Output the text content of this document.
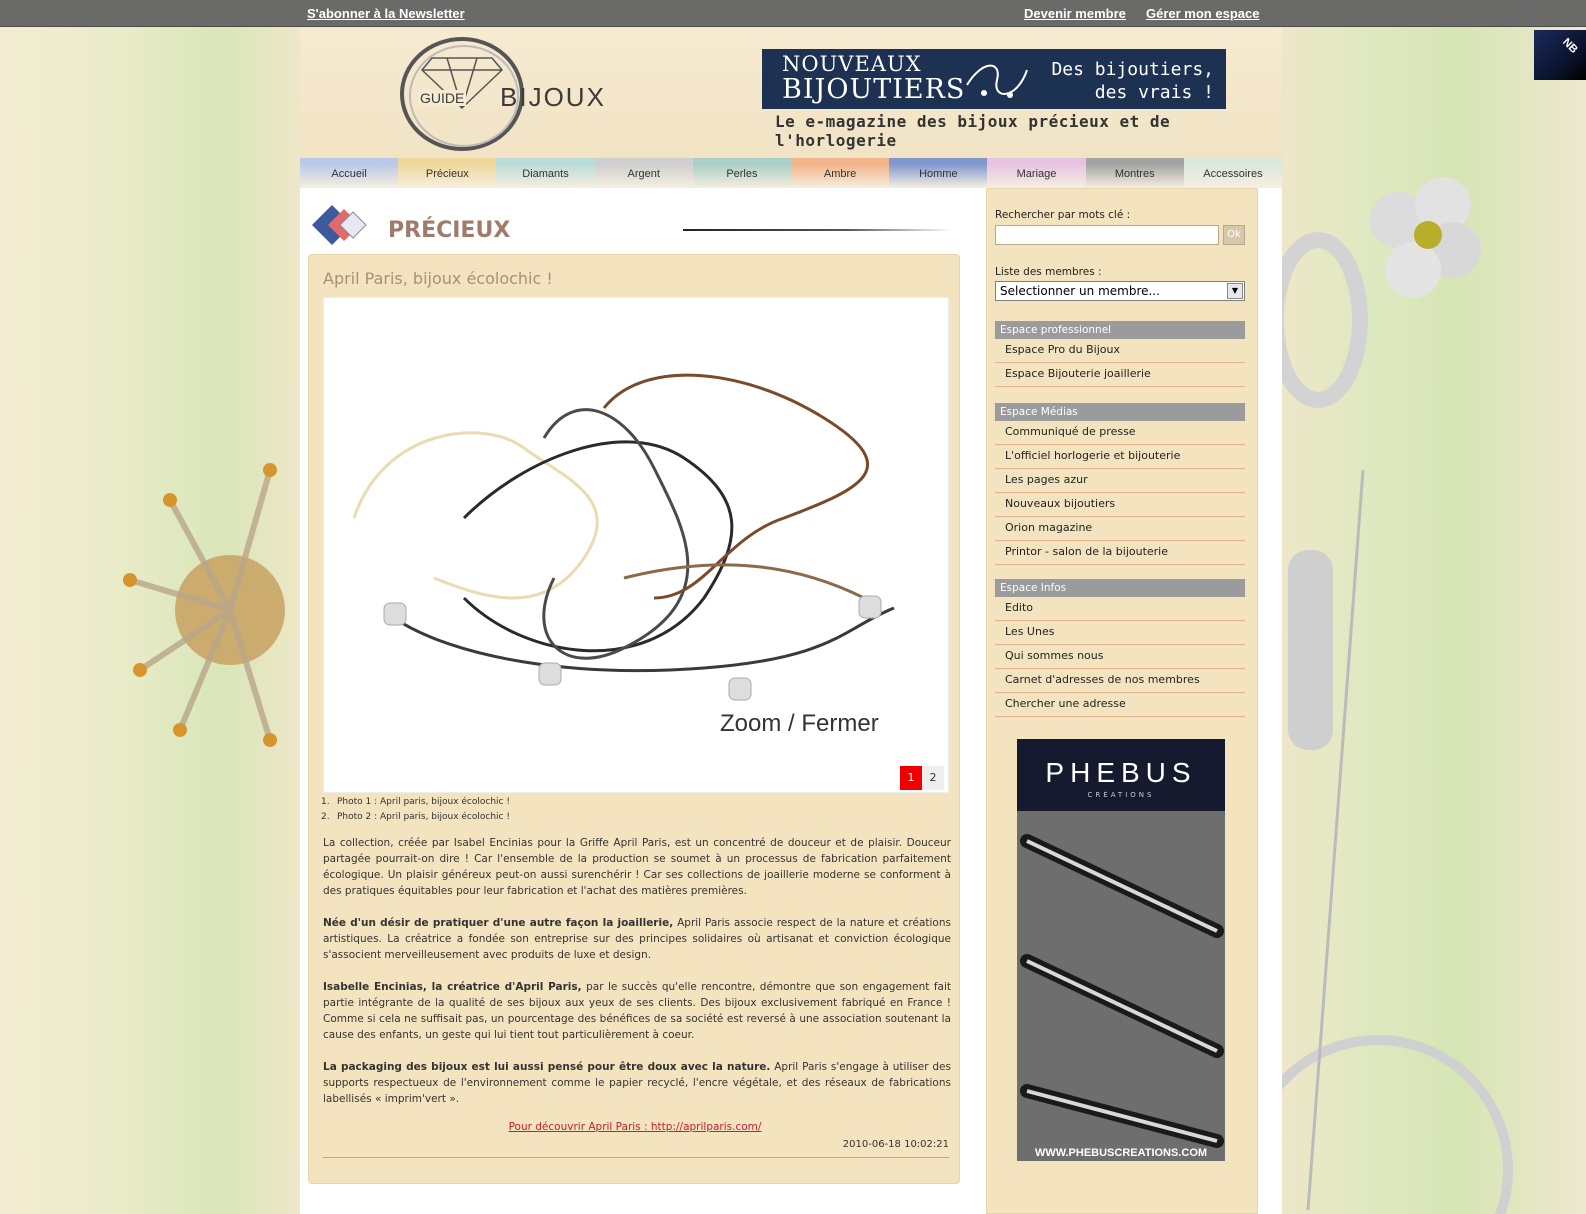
S'abonner à la Newsletter	Devenir membre Gérer mon espace
NB
GUIDE BIJOUX
NOUVEAUX
BIJOUTIERS
Des bijoutiers,
des vrais !
Le e-magazine des bijoux précieux et de l'horlogerie
Accueil	Précieux	Diamants	Argent	Perles	Ambre	Homme	Mariage	Montres	Accessoires
PRÉCIEUX
April Paris, bijoux écolochic !
Zoom / Fermer
1	2
1. Photo 1 : April paris, bijoux écolochic !
2. Photo 2 : April paris, bijoux écolochic !

La collection, créée par Isabel Encinias pour la Griffe April Paris, est un concentré de douceur et de plaisir. Douceur partagée pourrait-on dire ! Car l'ensemble de la production se soumet à un processus de fabrication parfaitement écologique. Un plaisir généreux peut-on aussi surenchérir ! Car ses collections de joaillerie moderne se conforment à des pratiques équitables pour leur fabrication et l'achat des matières premières.

Née d'un désir de pratiquer d'une autre façon la joaillerie, April Paris associe respect de la nature et créations artistiques. La créatrice a fondée son entreprise sur des principes solidaires où artisanat et conviction écologique s'associent merveilleusement avec produits de luxe et design.

Isabelle Encinias, la créatrice d'April Paris, par le succès qu'elle rencontre, démontre que son engagement fait partie intégrante de la qualité de ses bijoux aux yeux de ses clients. Des bijoux exclusivement fabriqué en France ! Comme si cela ne suffisait pas, un pourcentage des bénéfices de sa société est reversé à une association soutenant la cause des enfants, un geste qui lui tient tout particulièrement à coeur.

La packaging des bijoux est lui aussi pensé pour être doux avec la nature. April Paris s'engage à utiliser des supports respectueux de l'environnement comme le papier recyclé, l'encre végétale, et des réseaux de fabrications labellisés « imprim'vert ».

Pour découvrir April Paris : http://aprilparis.com/
2010-06-18 10:02:21
Rechercher par mots clé :
Ok
Liste des membres :
Selectionner un membre...	▼
Espace professionnel
Espace Pro du Bijoux
Espace Bijouterie joaillerie
Espace Médias
Communiqué de presse
L'officiel horlogerie et bijouterie
Les pages azur
Nouveaux bijoutiers
Orion magazine
Printor - salon de la bijouterie
Espace Infos
Edito
Les Unes
Qui sommes nous
Carnet d'adresses de nos membres
Chercher une adresse
PHEBUS
CRÉATIONS
WWW.PHEBUSCREATIONS.COM
